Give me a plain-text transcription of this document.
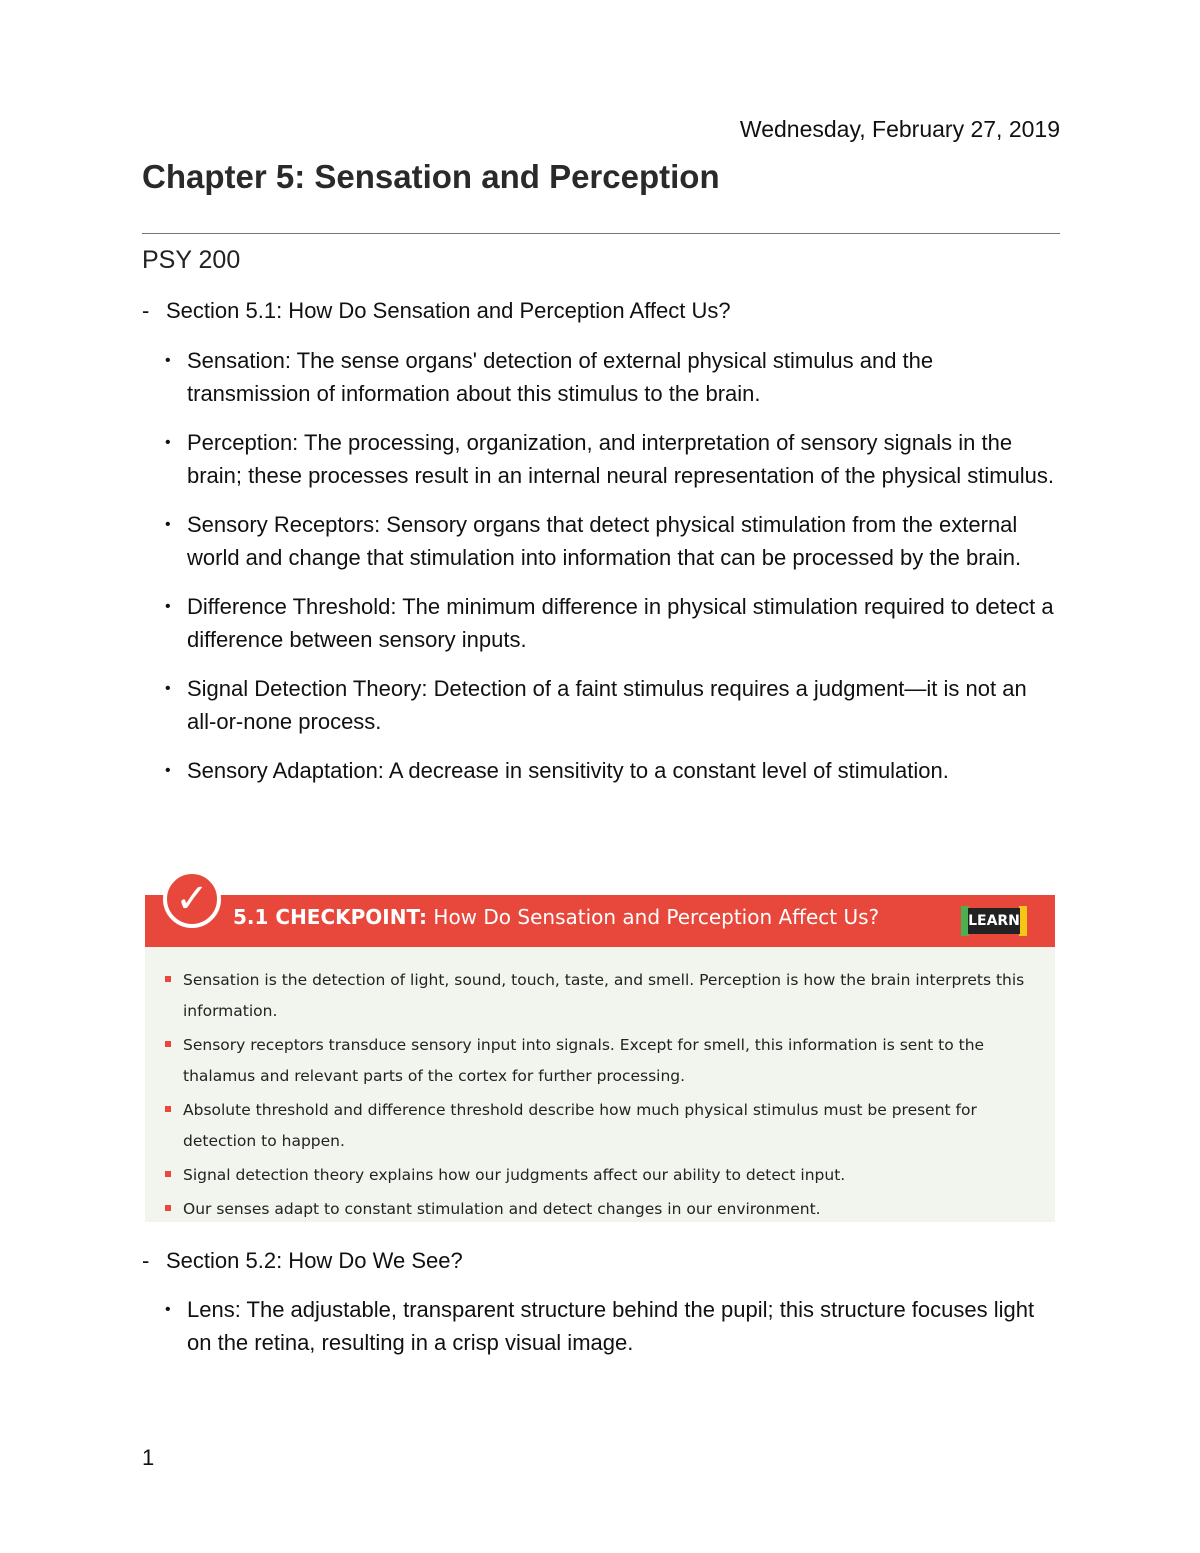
Wednesday, February 27, 2019
Chapter 5: Sensation and Perception
PSY 200
- Section 5.1: How Do Sensation and Perception Affect Us?
• Sensation: The sense organs' detection of external physical stimulus and the transmission of information about this stimulus to the brain.
• Perception: The processing, organization, and interpretation of sensory signals in the brain; these processes result in an internal neural representation of the physical stimulus.
• Sensory Receptors: Sensory organs that detect physical stimulation from the external world and change that stimulation into information that can be processed by the brain.
• Difference Threshold: The minimum difference in physical stimulation required to detect a difference between sensory inputs.
• Signal Detection Theory: Detection of a faint stimulus requires a judgment—it is not an all-or-none process.
• Sensory Adaptation: A decrease in sensitivity to a constant level of stimulation.
✓	5.1 CHECKPOINT: How Do Sensation and Perception Affect Us?	LEARN
Sensation is the detection of light, sound, touch, taste, and smell. Perception is how the brain interprets this information.
Sensory receptors transduce sensory input into signals. Except for smell, this information is sent to the thalamus and relevant parts of the cortex for further processing.
Absolute threshold and difference threshold describe how much physical stimulus must be present for detection to happen.
Signal detection theory explains how our judgments affect our ability to detect input.
Our senses adapt to constant stimulation and detect changes in our environment.
- Section 5.2: How Do We See?
• Lens: The adjustable, transparent structure behind the pupil; this structure focuses light on the retina, resulting in a crisp visual image.
1
